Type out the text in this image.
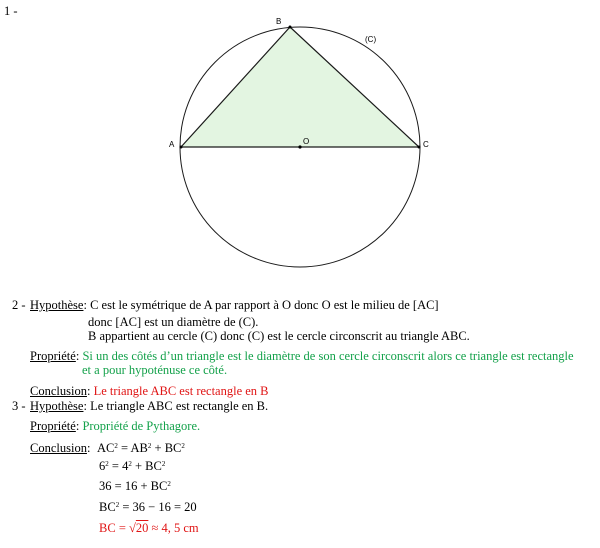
1 -
A
B
C
O
(C)
2 - Hypothèse: C est le symétrique de A par rapport à O donc O est le milieu de [AC]
donc [AC] est un diamètre de (C).
B appartient au cercle (C) donc (C) est le cercle circonscrit au triangle ABC.
Propriété: Si un des côtés d’un triangle est le diamètre de son cercle circonscrit alors ce triangle est rectangle
et a pour hypoténuse ce côté.
Conclusion: Le triangle ABC est rectangle en B
3 - Hypothèse: Le triangle ABC est rectangle en B.
Propriété: Propriété de Pythagore.
Conclusion: $AC^2 = AB^2 + BC^2$
$6^2 = 4^2 + BC^2$
$36 = 16 + BC^2$
$BC^2 = 36 - 16 = 20$
BC = √20 ≈ 4, 5 cm
